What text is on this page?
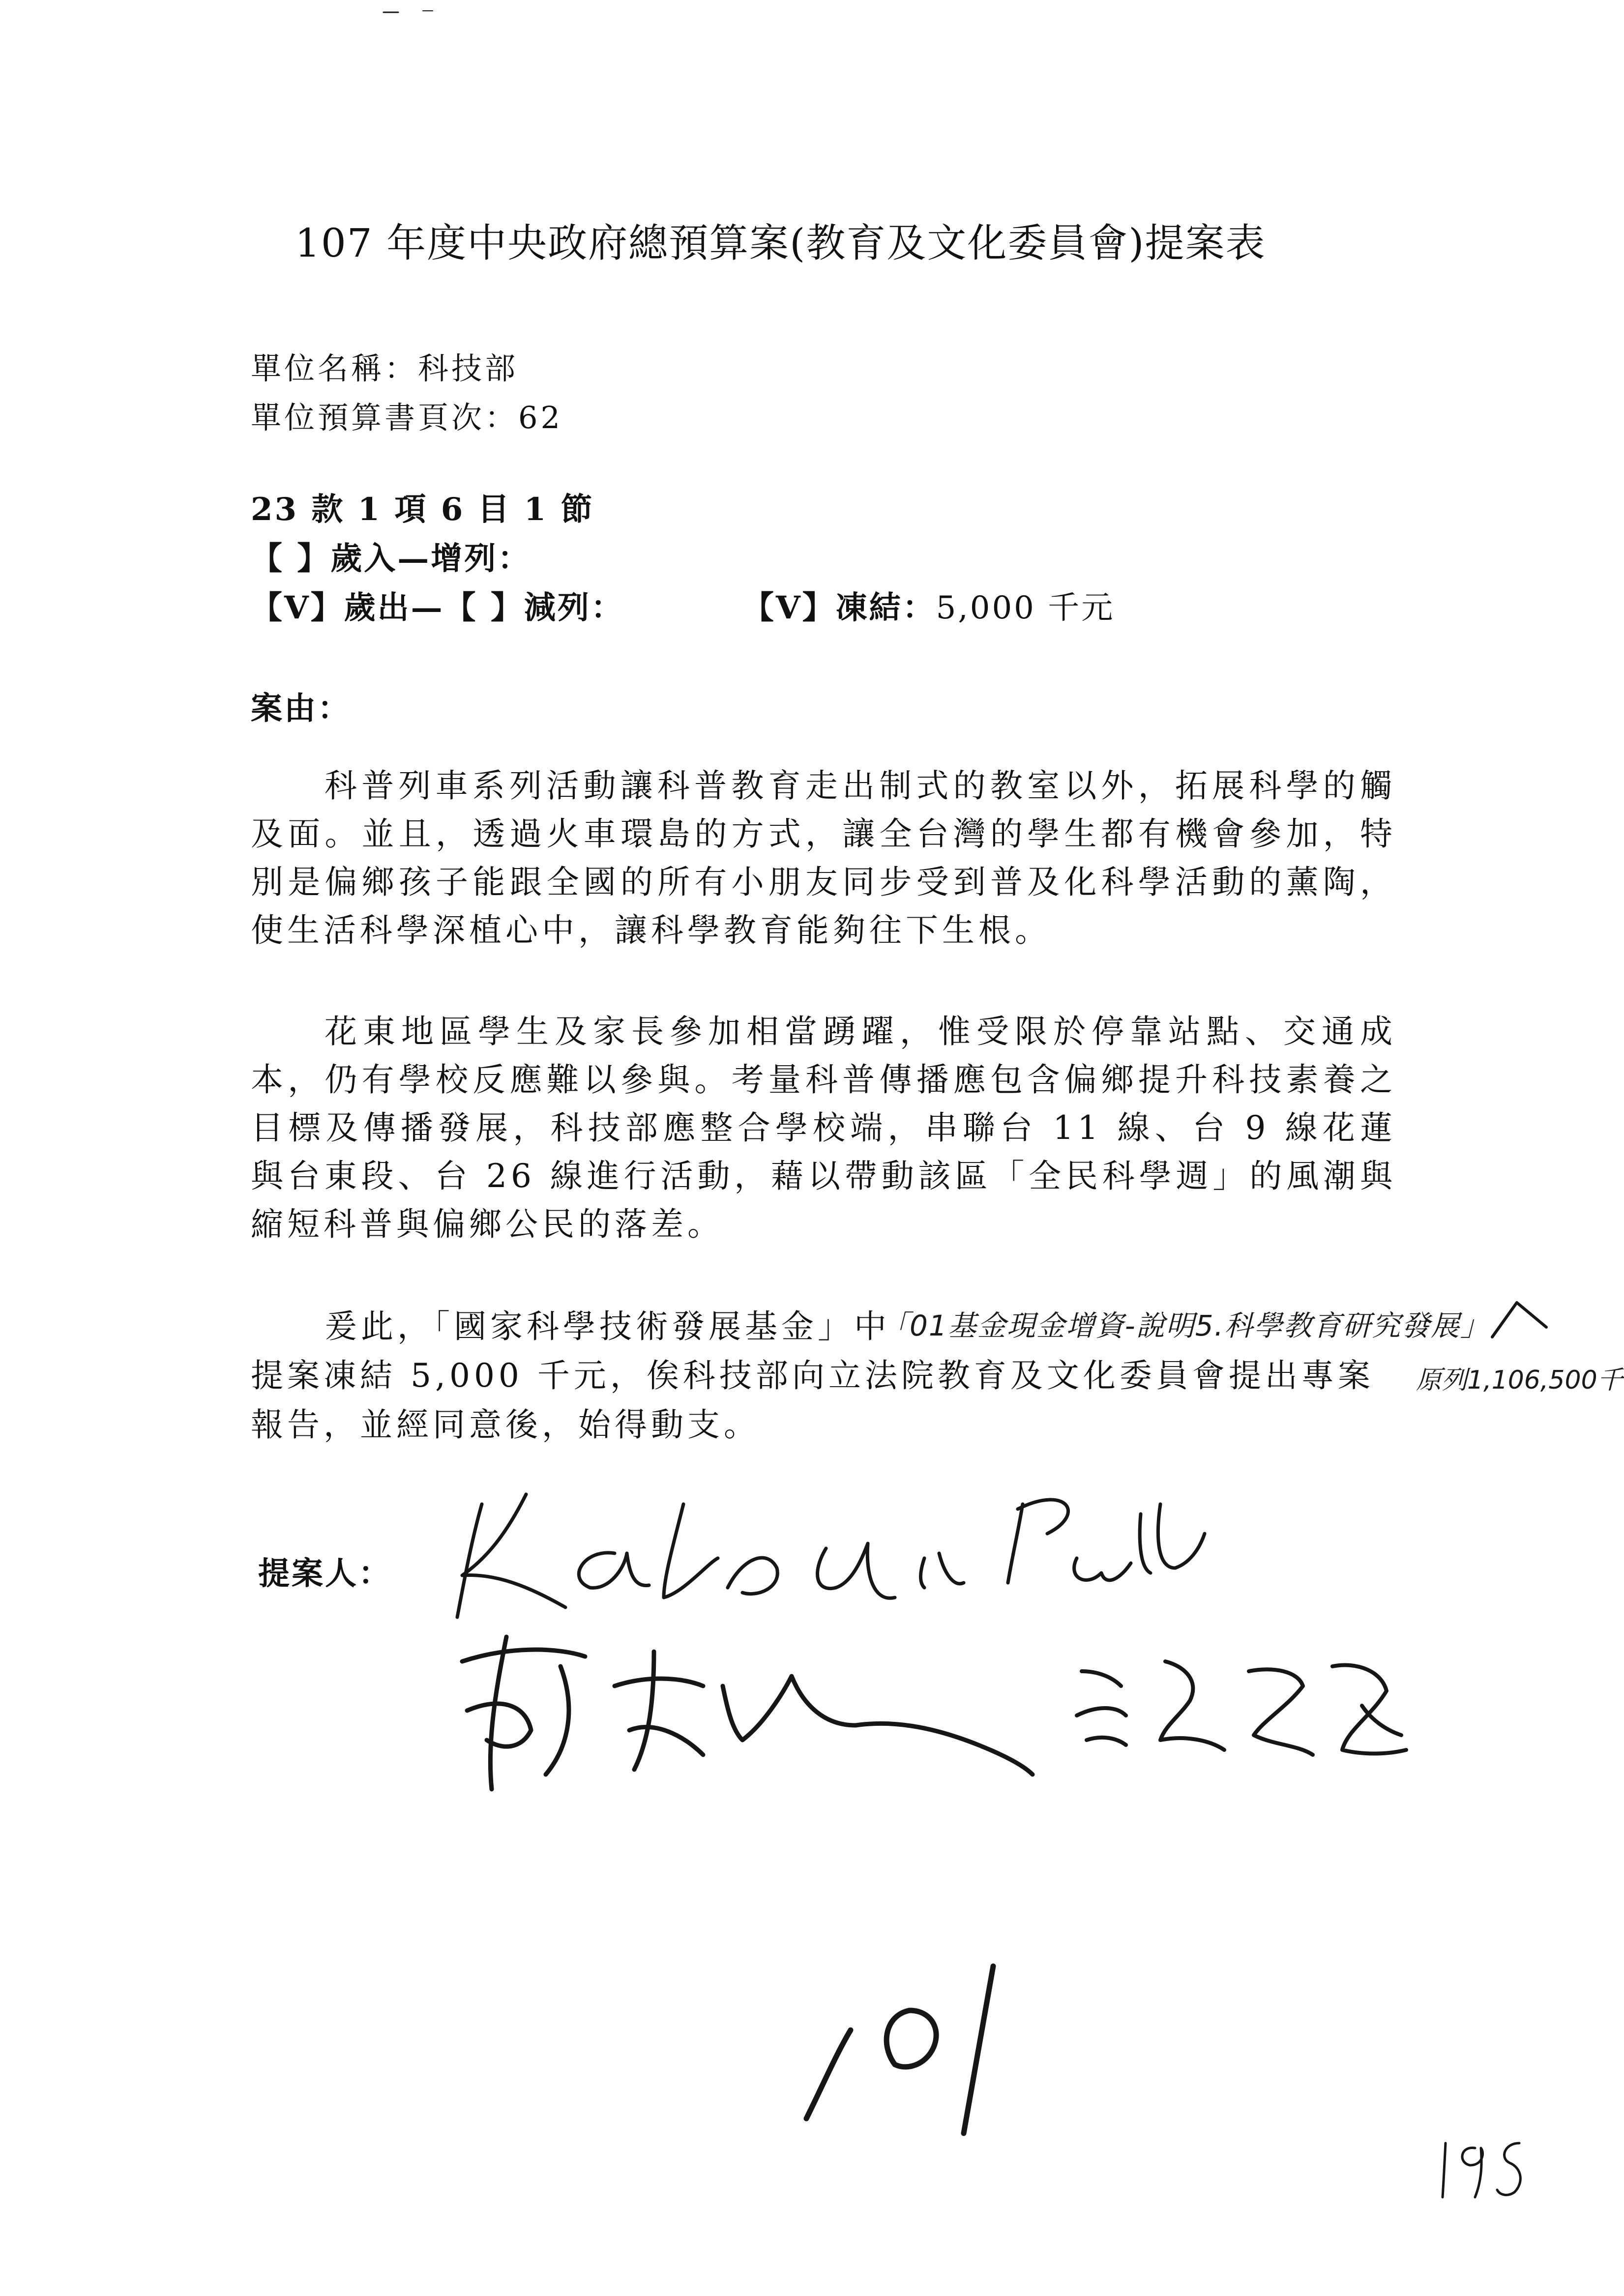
107 年度中央政府總預算案(教育及文化委員會)提案表
單位名稱：科技部
單位預算書頁次：62
23 款 1 項 6 目 1 節
【 】歲入—增列：
【V】歲出—【 】減列：	【V】凍結：5,000 千元
案由：
科普列車系列活動讓科普教育走出制式的教室以外，拓展科學的觸及面。並且，透過火車環島的方式，讓全台灣的學生都有機會參加，特別是偏鄉孩子能跟全國的所有小朋友同步受到普及化科學活動的薰陶，使生活科學深植心中，讓科學教育能夠往下生根。
花東地區學生及家長參加相當踴躍，惟受限於停靠站點、交通成本，仍有學校反應難以參與。考量科普傳播應包含偏鄉提升科技素養之目標及傳播發展，科技部應整合學校端，串聯台 11 線、台 9 線花蓮與台東段、台 26 線進行活動，藉以帶動該區「全民科學週」的風潮與縮短科普與偏鄉公民的落差。
爰此，「國家科學技術發展基金」中
「01基金現金增資-說明5.科學教育研究發展」
提案凍結 5,000 千元，俟科技部向立法院教育及文化委員會提出專案	原列1,106,500千
報告，並經同意後，始得動支。
提案人：
101
